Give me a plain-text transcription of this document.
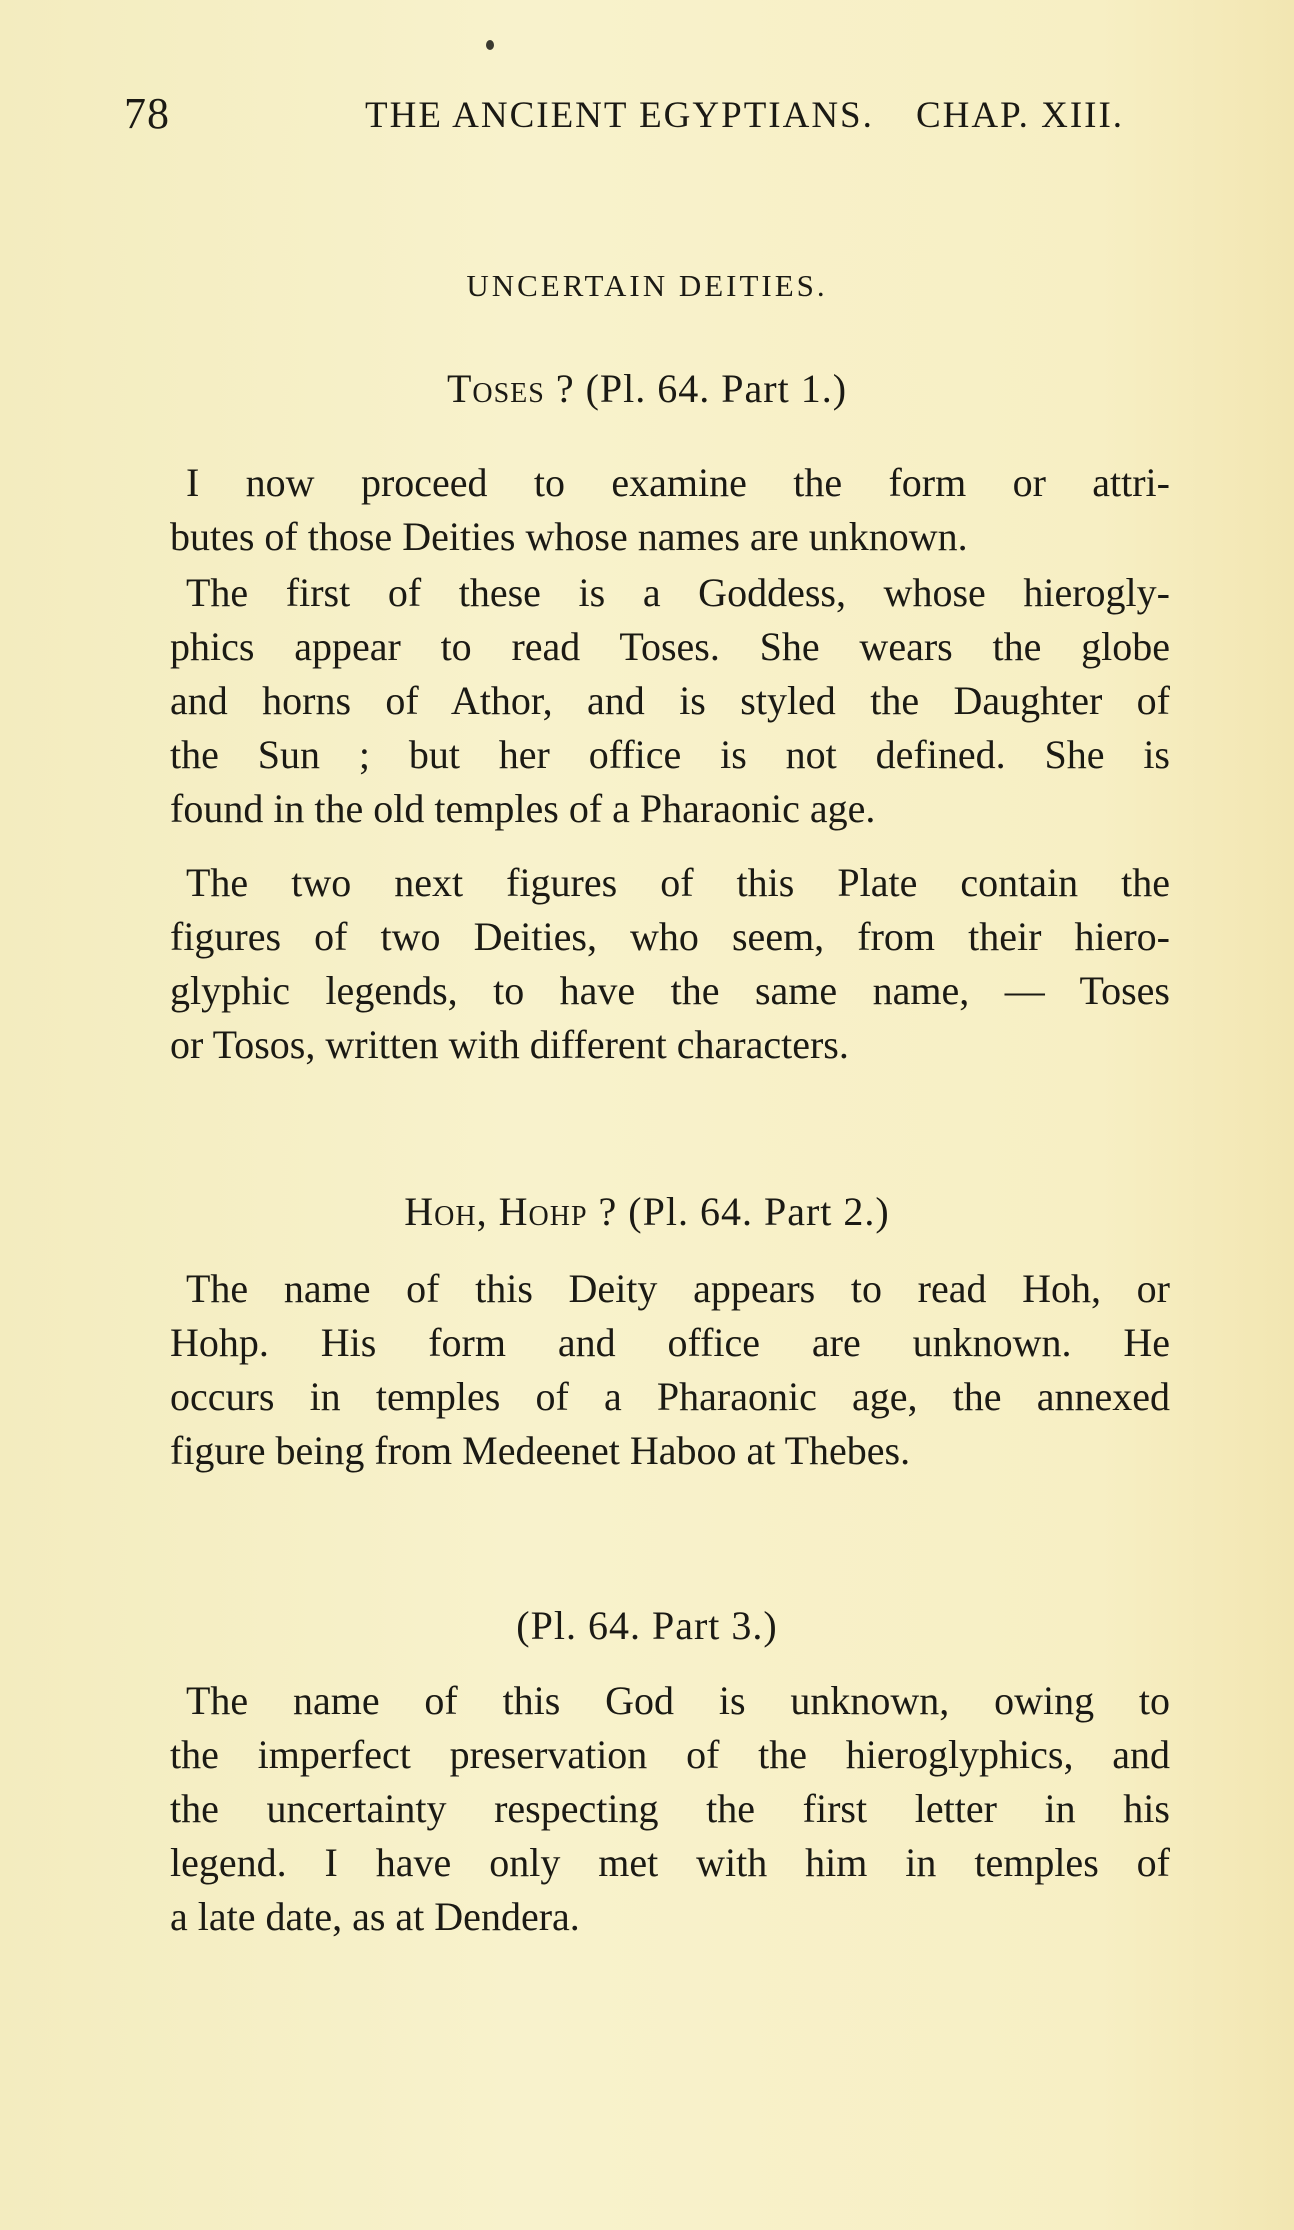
78	THE ANCIENT EGYPTIANS. CHAP. XIII.
UNCERTAIN DEITIES.
Toses ? (Pl. 64. Part 1.)
I now proceed to examine the form or attri-
butes of those Deities whose names are unknown.
The first of these is a Goddess, whose hierogly-
phics appear to read Toses. She wears the globe
and horns of Athor, and is styled the Daughter of
the Sun ; but her office is not defined. She is
found in the old temples of a Pharaonic age.
The two next figures of this Plate contain the
figures of two Deities, who seem, from their hiero-
glyphic legends, to have the same name, — Toses
or Tosos, written with different characters.
Hoh, Hohp ? (Pl. 64. Part 2.)
The name of this Deity appears to read Hoh, or
Hohp. His form and office are unknown. He
occurs in temples of a Pharaonic age, the annexed
figure being from Medeenet Haboo at Thebes.
(Pl. 64. Part 3.)
The name of this God is unknown, owing to
the imperfect preservation of the hieroglyphics, and
the uncertainty respecting the first letter in his
legend. I have only met with him in temples of
a late date, as at Dendera.
